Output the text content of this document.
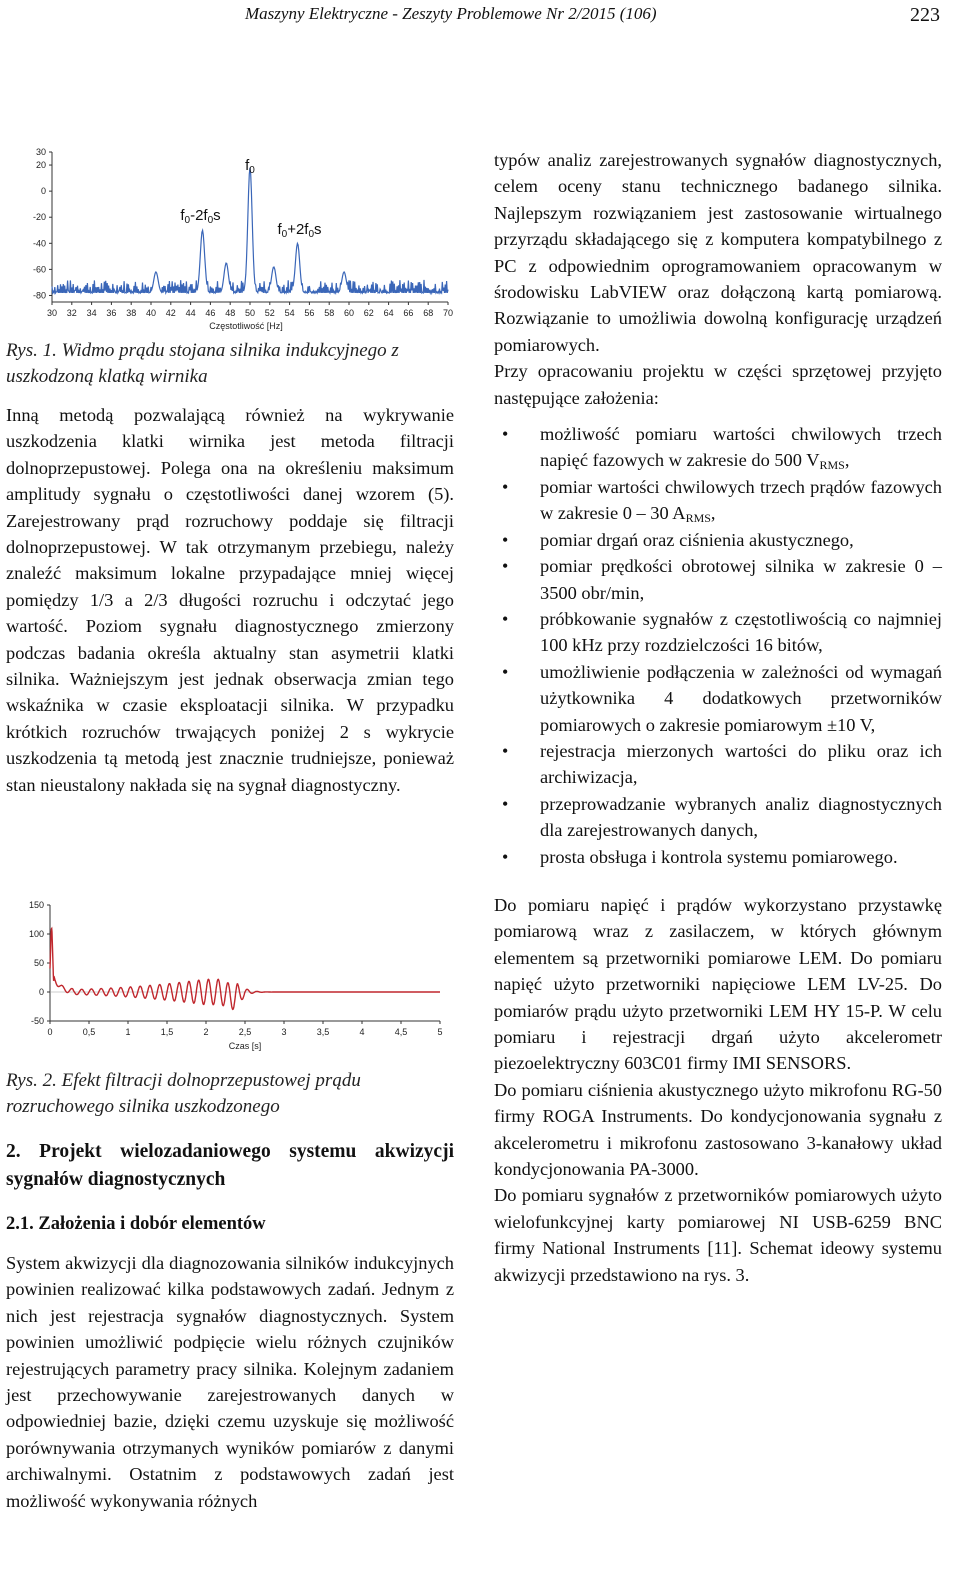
Maszyny Elektryczne - Zeszyty Problemowe Nr 2/2015 (106)	223
30
20
0
-20
-40
-60
-80
30 32 34 36 38 40 42 44 46 48 50 52 54 56 58 60 62 64 66 68 70
$f_0$
$f_0-2f_0s$
$f_0+2f_0s$
Częstotliwość [Hz]
Rys. 1. Widmo prądu stojana silnika indukcyjnego z uszkodzoną klatką wirnika

Inną metodą pozwalającą również na wykrywanie uszkodzenia klatki wirnika jest metoda filtracji dolnoprzepustowej. Polega ona na określeniu maksimum amplitudy sygnału o częstotliwości danej wzorem (5). Zarejestrowany prąd rozruchowy poddaje się filtracji dolnoprzepustowej. W tak otrzymanym przebiegu, należy znaleźć maksimum lokalne przypadające mniej więcej pomiędzy 1/3 a 2/3 długości rozruchu i odczytać jego wartość. Poziom sygnału diagnostycznego zmierzony podczas badania określa aktualny stan asymetrii klatki silnika. Ważniejszym jest jednak obserwacja zmian tego wskaźnika w czasie eksploatacji silnika. W przypadku krótkich rozruchów trwających poniżej 2 s wykrycie uszkodzenia tą metodą jest znacznie trudniejsze, ponieważ stan nieustalony nakłada się na sygnał diagnostyczny.

150
100
50
0
-50
0	0,5	1	1,5	2	2,5	3	3,5	4	4,5	5
Czas [s]
Rys. 2. Efekt filtracji dolnoprzepustowej prądu rozruchowego silnika uszkodzonego
2. Projekt wielozadaniowego systemu akwizycji sygnałów diagnostycznych
2.1. Założenia i dobór elementów

System akwizycji dla diagnozowania silników indukcyjnych powinien realizować kilka podstawowych zadań. Jednym z nich jest rejestracja sygnałów diagnostycznych. System powinien umożliwić podpięcie wielu różnych czujników rejestrujących parametry pracy silnika. Kolejnym zadaniem jest przechowywanie zarejestrowanych danych w odpowiedniej bazie, dzięki czemu uzyskuje się możliwość porównywania otrzymanych wyników pomiarów z danymi archiwalnymi. Ostatnim z podstawowych zadań jest możliwość wykonywania różnych

typów analiz zarejestrowanych sygnałów diagnostycznych, celem oceny stanu technicznego badanego silnika. Najlepszym rozwiązaniem jest zastosowanie wirtualnego przyrządu składającego się z komputera kompatybilnego z PC z odpowiednim oprogramowaniem opracowanym w środowisku LabVIEW oraz dołączoną kartą pomiarową. Rozwiązanie to umożliwia dowolną konfigurację urządzeń pomiarowych.

Przy opracowaniu projektu w części sprzętowej przyjęto następujące założenia:

• możliwość pomiaru wartości chwilowych trzech napięć fazowych w zakresie do 500 $V_{RMS}$,
• pomiar wartości chwilowych trzech prądów fazowych w zakresie 0 – 30 $A_{RMS}$,
• pomiar drgań oraz ciśnienia akustycznego,
• pomiar prędkości obrotowej silnika w zakresie 0 – 3500 obr/min,
• próbkowanie sygnałów z częstotliwością co najmniej 100 kHz przy rozdzielczości 16 bitów,
• umożliwienie podłączenia w zależności od wymagań użytkownika 4 dodatkowych przetworników pomiarowych o zakresie pomiarowym ±10 V,
• rejestracja mierzonych wartości do pliku oraz ich archiwizacja,
• przeprowadzanie wybranych analiz diagnostycznych dla zarejestrowanych danych,
• prosta obsługa i kontrola systemu pomiarowego.

Do pomiaru napięć i prądów wykorzystano przystawkę pomiarową wraz z zasilaczem, w których głównym elementem są przetworniki pomiarowe LEM. Do pomiaru napięć użyto przetworniki napięciowe LEM LV-25. Do pomiarów prądu użyto przetworniki LEM HY 15-P. W celu pomiaru i rejestracji drgań użyto akcelerometr piezoelektryczny 603C01 firmy IMI SENSORS.

Do pomiaru ciśnienia akustycznego użyto mikrofonu RG-50 firmy ROGA Instruments. Do kondycjonowania sygnału z akcelerometru i mikrofonu zastosowano 3-kanałowy układ kondycjonowania PA-3000.

Do pomiaru sygnałów z przetworników pomiarowych użyto wielofunkcyjnej karty pomiarowej NI USB-6259 BNC firmy National Instruments [11]. Schemat ideowy systemu akwizycji przedstawiono na rys. 3.
